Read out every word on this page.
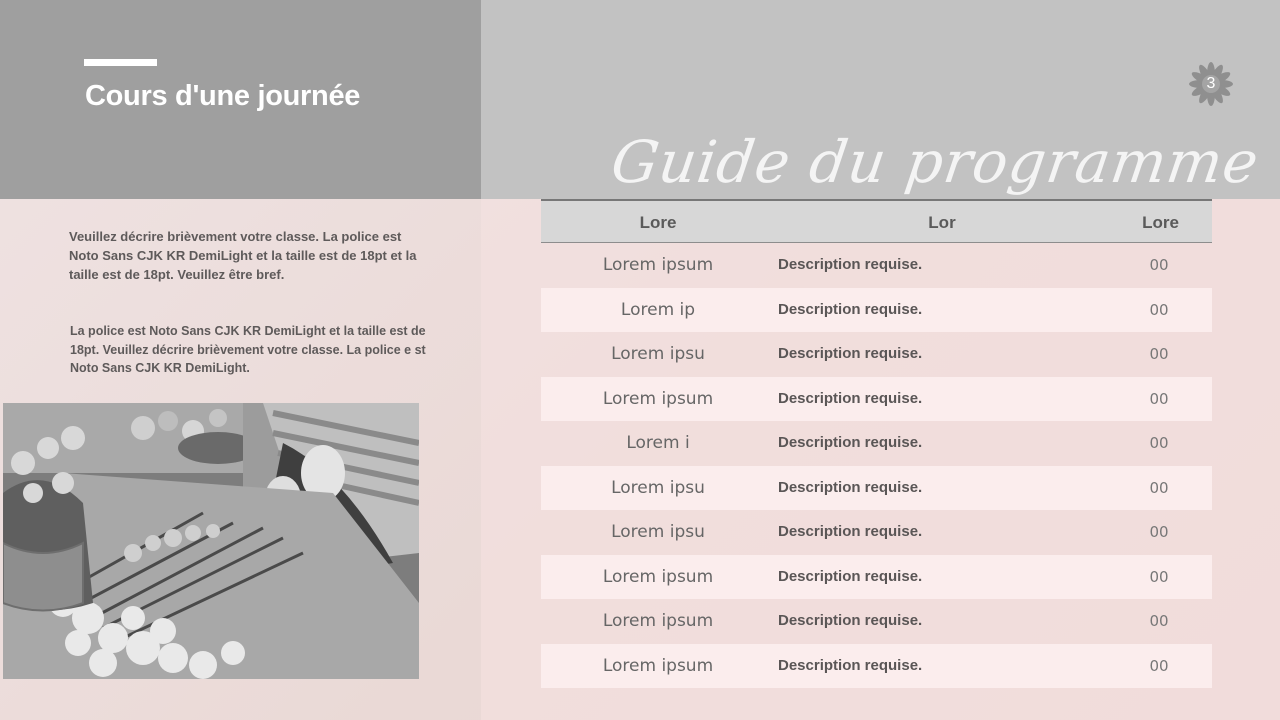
Cours d'une journée	3
Guide du programme

Veuillez décrire brièvement votre classe. La police est Noto Sans CJK KR DemiLight et la taille est de 18pt et la taille est de 18pt. Veuillez être bref.

La police est Noto Sans CJK KR DemiLight et la taille est de 18pt. Veuillez décrire brièvement votre classe. La police e st Noto Sans CJK KR DemiLight.

Lore	Lor	Lore
Lorem ipsum	Description requise.	00
Lorem ip	Description requise.	00
Lorem ipsu	Description requise.	00
Lorem ipsum	Description requise.	00
Lorem i	Description requise.	00
Lorem ipsu	Description requise.	00
Lorem ipsu	Description requise.	00
Lorem ipsum	Description requise.	00
Lorem ipsum	Description requise.	00
Lorem ipsum	Description requise.	00
